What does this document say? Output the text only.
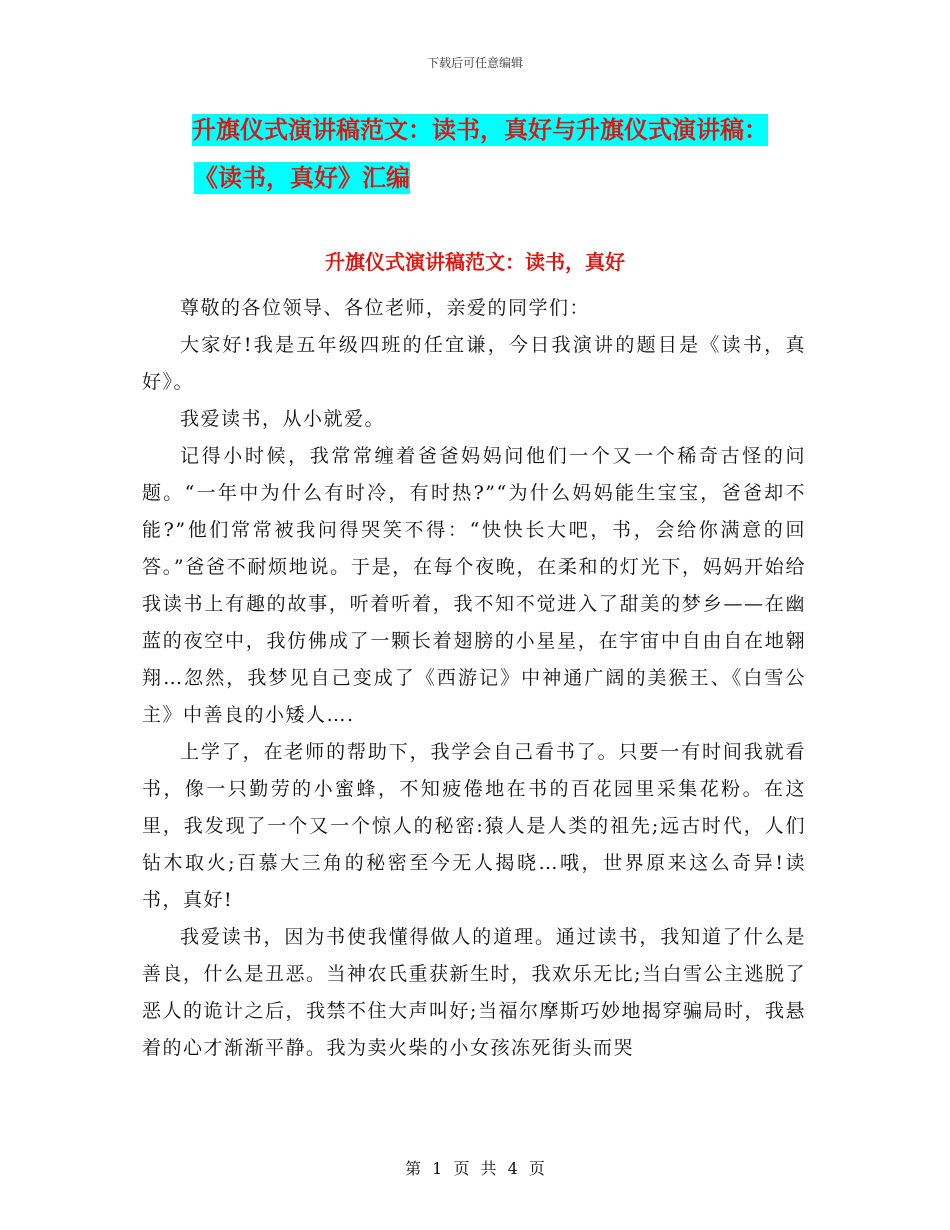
下载后可任意编辑
升旗仪式演讲稿范文：读书，真好与升旗仪式演讲稿：
《读书，真好》汇编
升旗仪式演讲稿范文：读书，真好

尊敬的各位领导、各位老师，亲爱的同学们：

大家好!我是五年级四班的任宜谦，今日我演讲的题目是《读书，真好》。

我爱读书，从小就爱。

记得小时候，我常常缠着爸爸妈妈问他们一个又一个稀奇古怪的问题。“一年中为什么有时冷，有时热?”“为什么妈妈能生宝宝，爸爸却不能?”他们常常被我问得哭笑不得：“快快长大吧，书，会给你满意的回答。”爸爸不耐烦地说。于是，在每个夜晚，在柔和的灯光下，妈妈开始给我读书上有趣的故事，听着听着，我不知不觉进入了甜美的梦乡——在幽蓝的夜空中，我仿佛成了一颗长着翅膀的小星星，在宇宙中自由自在地翱翔…忽然，我梦见自己变成了《西游记》中神通广阔的美猴王、《白雪公主》中善良的小矮人….

上学了，在老师的帮助下，我学会自己看书了。只要一有时间我就看书，像一只勤劳的小蜜蜂，不知疲倦地在书的百花园里采集花粉。在这里，我发现了一个又一个惊人的秘密:猿人是人类的祖先;远古时代，人们钻木取火;百慕大三角的秘密至今无人揭晓…哦，世界原来这么奇异!读书，真好!

我爱读书，因为书使我懂得做人的道理。通过读书，我知道了什么是善良，什么是丑恶。当神农氏重获新生时，我欢乐无比;当白雪公主逃脱了恶人的诡计之后，我禁不住大声叫好;当福尔摩斯巧妙地揭穿骗局时，我悬着的心才渐渐平静。我为卖火柴的小女孩冻死街头而哭

第 1 页 共 4 页
